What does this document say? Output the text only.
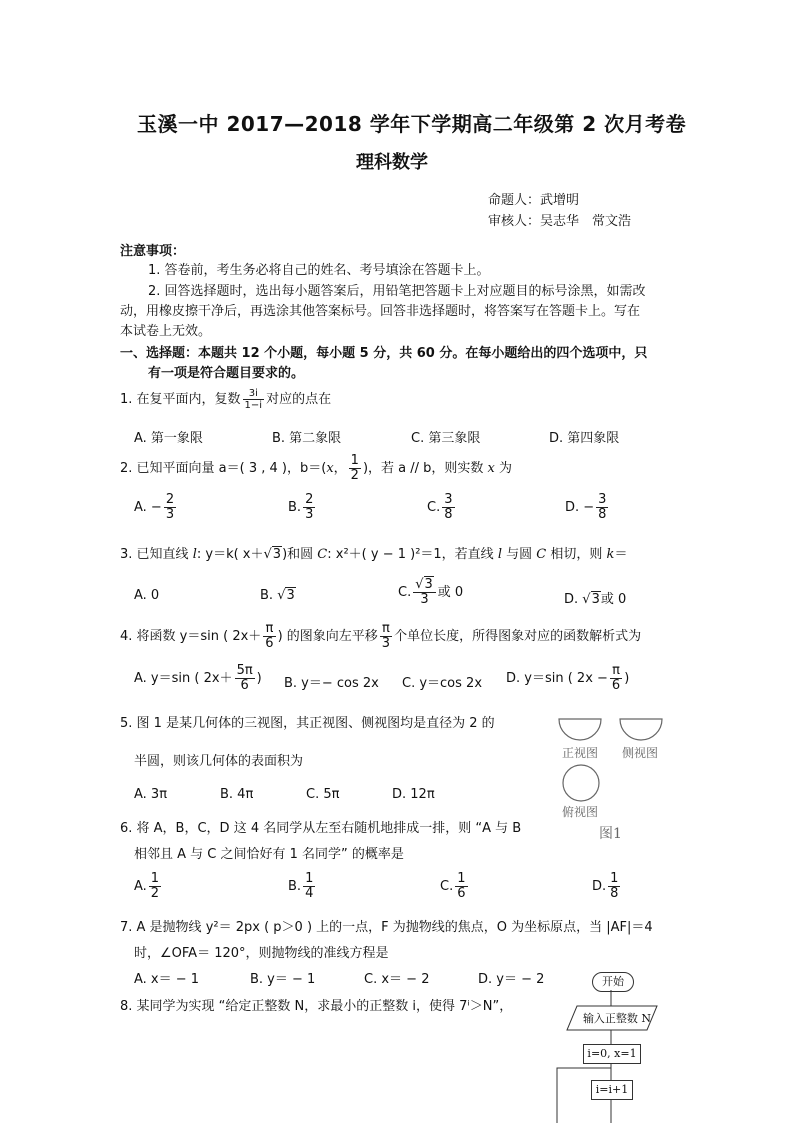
玉溪一中 2017—2018 学年下学期高二年级第 2 次月考卷
理科数学
命题人：武增明
审核人：吴志华　常文浩
注意事项：
1. 答卷前，考生务必将自己的姓名、考号填涂在答题卡上。
2. 回答选择题时，选出每小题答案后，用铅笔把答题卡上对应题目的标号涂黑，如需改
动，用橡皮擦干净后，再选涂其他答案标号。回答非选择题时，将答案写在答题卡上。写在
本试卷上无效。
一、选择题：本题共 12 个小题，每小题 5 分，共 60 分。在每小题给出的四个选项中，只
有一项是符合题目要求的。
1. 在复平面内，复数 $\frac{3i}{1-i}$ 对应的点在
A. 第一象限	B. 第二象限	C. 第三象限	D. 第四象限
2. 已知平面向量 a＝( 3 , 4 )，b＝(x， $\frac{1}{2}$ )，若 a // b，则实数 x 为
A. − $\frac{2}{3}$	B. $\frac{2}{3}$	C. $\frac{3}{8}$	D. − $\frac{3}{8}$
3. 已知直线 l: y＝k( x＋√3)和圆 C: x²＋( y − 1 )²＝1，若直线 l 与圆 C 相切，则 k＝
A. 0	B. √3	C. $\frac{√3}{3}$ 或 0	D. √3或 0
4. 将函数 y＝sin ( $2x+ \frac{\pi}{6}$ ) 的图象向左平移 $\frac{\pi}{3}$ 个单位长度，所得图象对应的函数解析式为
A. y＝sin ( $2x+ \frac{5\pi}{6}$ ) B. y＝− cos 2x C. y＝cos 2x D. y＝sin ( $2x - \frac{\pi}{6}$ )
5. 图 1 是某几何体的三视图，其正视图、侧视图均是直径为 2 的
半圆，则该几何体的表面积为
A. 3π	B. 4π	C. 5π	D. 12π
正视图 侧视图
俯视图
图1
6. 将 A，B，C，D 这 4 名同学从左至右随机地排成一排，则 “A 与 B
相邻且 A 与 C 之间恰好有 1 名同学” 的概率是
A. $\frac{1}{2}$	B. $\frac{1}{4}$	C. $\frac{1}{6}$	D. $\frac{1}{8}$
7. A 是抛物线 y²＝ 2px ( p＞0 ) 上的一点，F 为抛物线的焦点，O 为坐标原点，当 |AF|＝4
时，∠OFA＝ 120°，则抛物线的准线方程是
A. x＝ − 1	B. y＝ − 1	C. x＝ − 2	D. y＝ − 2
8. 某同学为实现 “给定正整数 N，求最小的正整数 i，使得 7ⁱ＞N”，
开始
输入正整数 N
i=0, x=1
i=i+1
